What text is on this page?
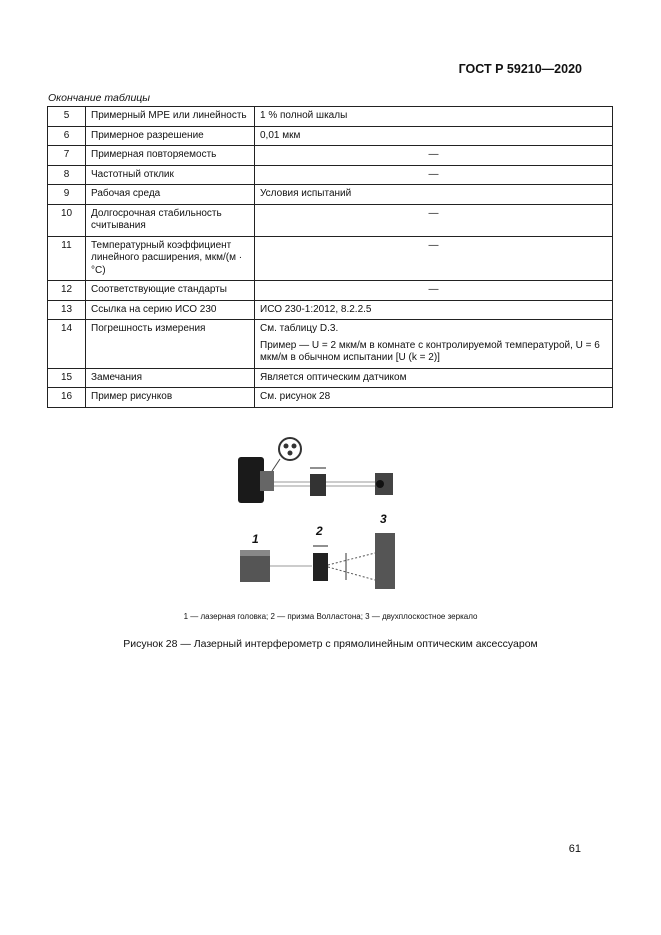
ГОСТ Р 59210—2020
Окончание таблицы
5	Примерный MPE или линейность	1 % полной шкалы

6	Примерное разрешение	0,01 мкм

7	Примерная повторяемость	—

8	Частотный отклик	—

9	Рабочая среда	Условия испытаний

10	Долгосрочная стабильность считывания	—

11	Температурный коэффициент линейного расширения, мкм/(м · °С)	—

12	Соответствующие стандарты	—

13	Ссылка на серию ИСО 230	ИСО 230-1:2012, 8.2.2.5

14	Погрешность измерения	См. таблицу D.3.
Пример — U = 2 мкм/м в комнате с контролируемой температурой, U = 6 мкм/м в обычном испытании [U (k = 2)]

15	Замечания	Является оптическим датчиком

16	Пример рисунков	См. рисунок 28
1
2
3
1 — лазерная головка; 2 — призма Волластона; 3 — двухплоскостное зеркало
Рисунок 28 — Лазерный интерферометр с прямолинейным оптическим аксессуаром
61
